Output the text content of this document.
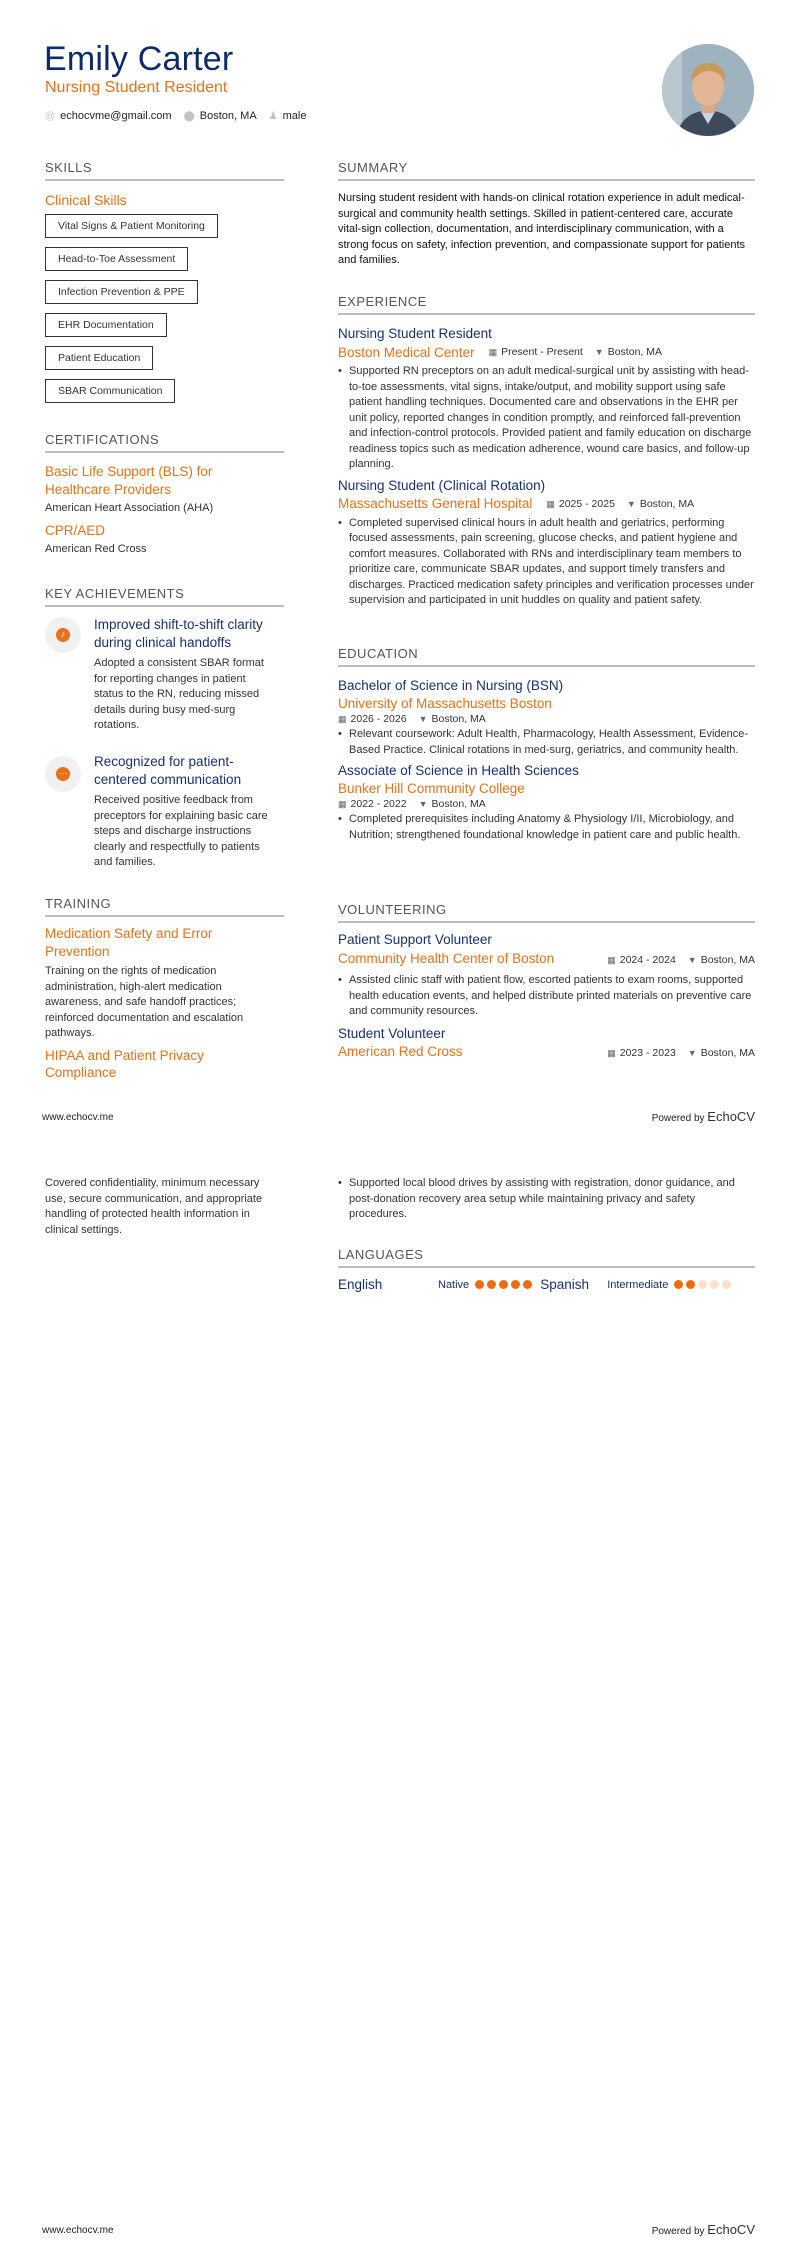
Emily Carter
Nursing Student Resident
@ echocvme@gmail.com ⬤ Boston, MA ♟ male
SKILLS
Clinical Skills
Vital Signs & Patient Monitoring
Head-to-Toe Assessment
Infection Prevention & PPE
EHR Documentation
Patient Education
SBAR Communication
CERTIFICATIONS
Basic Life Support (BLS) for Healthcare Providers
American Heart Association (AHA)
CPR/AED
American Red Cross
KEY ACHIEVEMENTS
♪
Improved shift-to-shift clarity during clinical handoffs
Adopted a consistent SBAR format for reporting changes in patient status to the RN, reducing missed details during busy med-surg rotations.
···
Recognized for patient-centered communication
Received positive feedback from preceptors for explaining basic care steps and discharge instructions clearly and respectfully to patients and families.
TRAINING
Medication Safety and Error Prevention
Training on the rights of medication administration, high-alert medication awareness, and safe handoff practices; reinforced documentation and escalation pathways.
HIPAA and Patient Privacy Compliance
Covered confidentiality, minimum necessary use, secure communication, and appropriate handling of protected health information in clinical settings.
SUMMARY
Nursing student resident with hands-on clinical rotation experience in adult medical-surgical and community health settings. Skilled in patient-centered care, accurate vital-sign collection, documentation, and interdisciplinary communication, with a strong focus on safety, infection prevention, and compassionate support for patients and families.
EXPERIENCE
Nursing Student Resident
Boston Medical Center ▦ Present - Present ▼ Boston, MA
• Supported RN preceptors on an adult medical-surgical unit by assisting with head-to-toe assessments, vital signs, intake/output, and mobility support using safe patient handling techniques. Documented care and observations in the EHR per unit policy, reported changes in condition promptly, and reinforced fall-prevention and infection-control protocols. Provided patient and family education on discharge readiness topics such as medication adherence, wound care basics, and follow-up planning.
Nursing Student (Clinical Rotation)
Massachusetts General Hospital ▦ 2025 - 2025 ▼ Boston, MA
• Completed supervised clinical hours in adult health and geriatrics, performing focused assessments, pain screening, glucose checks, and patient hygiene and comfort measures. Collaborated with RNs and interdisciplinary team members to prioritize care, communicate SBAR updates, and support timely transfers and discharges. Practiced medication safety principles and verification processes under supervision and participated in unit huddles on quality and patient safety.
EDUCATION
Bachelor of Science in Nursing (BSN)
University of Massachusetts Boston
▦ 2026 - 2026 ▼ Boston, MA
• Relevant coursework: Adult Health, Pharmacology, Health Assessment, Evidence-Based Practice. Clinical rotations in med-surg, geriatrics, and community health.
Associate of Science in Health Sciences
Bunker Hill Community College
▦ 2022 - 2022 ▼ Boston, MA
• Completed prerequisites including Anatomy & Physiology I/II, Microbiology, and Nutrition; strengthened foundational knowledge in patient care and public health.
VOLUNTEERING
Patient Support Volunteer
Community Health Center of Boston	▦ 2024 - 2024 ▼ Boston, MA
• Assisted clinic staff with patient flow, escorted patients to exam rooms, supported health education events, and helped distribute printed materials on preventive care and community resources.
Student Volunteer
American Red Cross	▦ 2023 - 2023 ▼ Boston, MA
• Supported local blood drives by assisting with registration, donor guidance, and post-donation recovery area setup while maintaining privacy and safety procedures.
LANGUAGES
English	Native	Spanish	Intermediate
www.echocv.me	Powered by EchoCV
www.echocv.me	Powered by EchoCV
